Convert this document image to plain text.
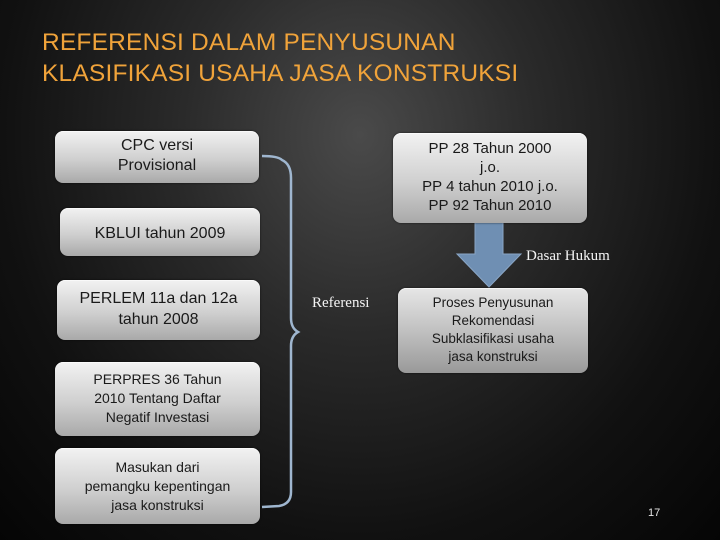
REFERENSI DALAM PENYUSUNAN
KLASIFIKASI USAHA JASA KONSTRUKSI
CPC versi
Provisional
KBLUI tahun 2009
PERLEM 11a dan 12a
tahun 2008
PERPRES 36 Tahun
2010 Tentang Daftar
Negatif Investasi
Masukan dari
pemangku kepentingan
jasa konstruksi
PP 28 Tahun 2000
j.o.
PP 4 tahun 2010 j.o.
PP 92 Tahun 2010
Dasar Hukum
Referensi	Proses Penyusunan
Rekomendasi
Subklasifikasi usaha
jasa konstruksi
17
